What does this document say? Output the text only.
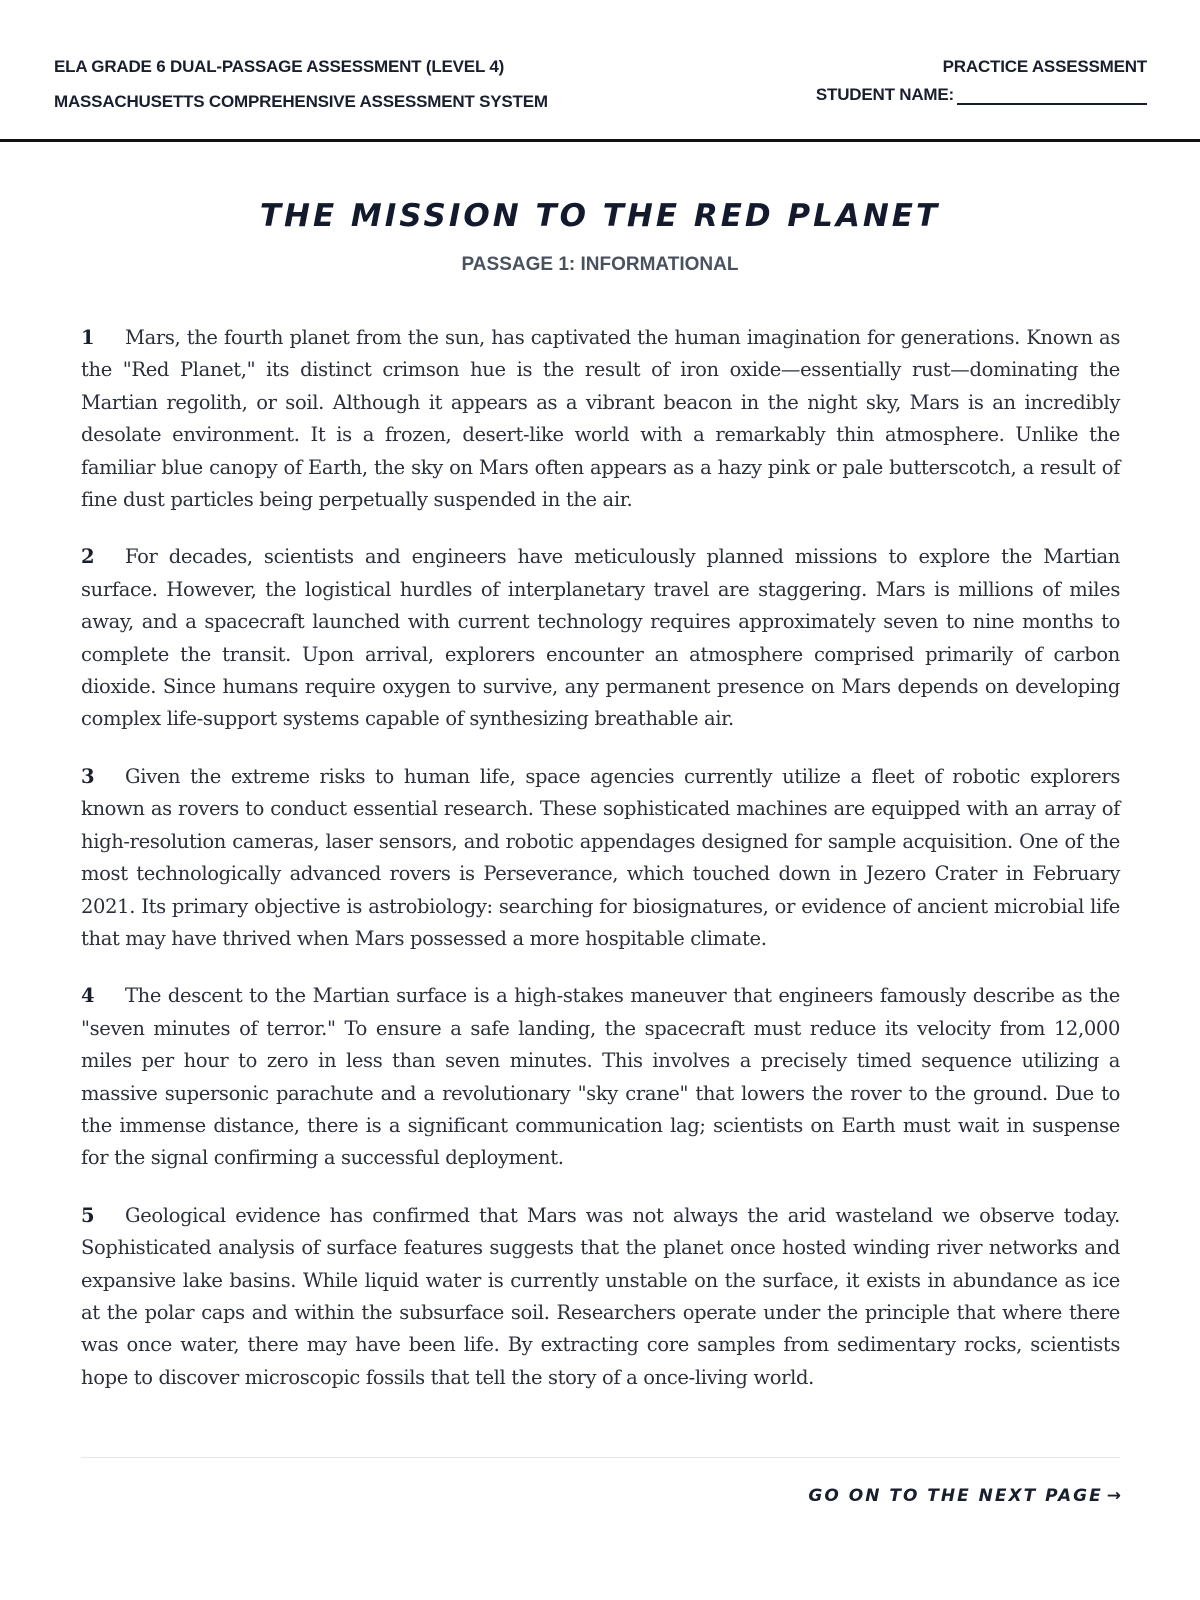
ELA GRADE 6 DUAL-PASSAGE ASSESSMENT (LEVEL 4)
MASSACHUSETTS COMPREHENSIVE ASSESSMENT SYSTEM
PRACTICE ASSESSMENT
STUDENT NAME:
THE MISSION TO THE RED PLANET
PASSAGE 1: INFORMATIONAL

1 Mars, the fourth planet from the sun, has captivated the human imagination for generations. Known as the "Red Planet," its distinct crimson hue is the result of iron oxide—essentially rust—dominating the Martian regolith, or soil. Although it appears as a vibrant beacon in the night sky, Mars is an incredibly desolate environment. It is a frozen, desert-like world with a remarkably thin atmosphere. Unlike the familiar blue canopy of Earth, the sky on Mars often appears as a hazy pink or pale butterscotch, a result of fine dust particles being perpetually suspended in the air.

2 For decades, scientists and engineers have meticulously planned missions to explore the Martian surface. However, the logistical hurdles of interplanetary travel are staggering. Mars is millions of miles away, and a spacecraft launched with current technology requires approximately seven to nine months to complete the transit. Upon arrival, explorers encounter an atmosphere comprised primarily of carbon dioxide. Since humans require oxygen to survive, any permanent presence on Mars depends on developing complex life-support systems capable of synthesizing breathable air.

3 Given the extreme risks to human life, space agencies currently utilize a fleet of robotic explorers known as rovers to conduct essential research. These sophisticated machines are equipped with an array of high-resolution cameras, laser sensors, and robotic appendages designed for sample acquisition. One of the most technologically advanced rovers is Perseverance, which touched down in Jezero Crater in February 2021. Its primary objective is astrobiology: searching for biosignatures, or evidence of ancient microbial life that may have thrived when Mars possessed a more hospitable climate.

4 The descent to the Martian surface is a high-stakes maneuver that engineers famously describe as the "seven minutes of terror." To ensure a safe landing, the spacecraft must reduce its velocity from 12,000 miles per hour to zero in less than seven minutes. This involves a precisely timed sequence utilizing a massive supersonic parachute and a revolutionary "sky crane" that lowers the rover to the ground. Due to the immense distance, there is a significant communication lag; scientists on Earth must wait in suspense for the signal confirming a successful deployment.

5 Geological evidence has confirmed that Mars was not always the arid wasteland we observe today. Sophisticated analysis of surface features suggests that the planet once hosted winding river networks and expansive lake basins. While liquid water is currently unstable on the surface, it exists in abundance as ice at the polar caps and within the subsurface soil. Researchers operate under the principle that where there was once water, there may have been life. By extracting core samples from sedimentary rocks, scientists hope to discover microscopic fossils that tell the story of a once-living world.

GO ON TO THE NEXT PAGE →
